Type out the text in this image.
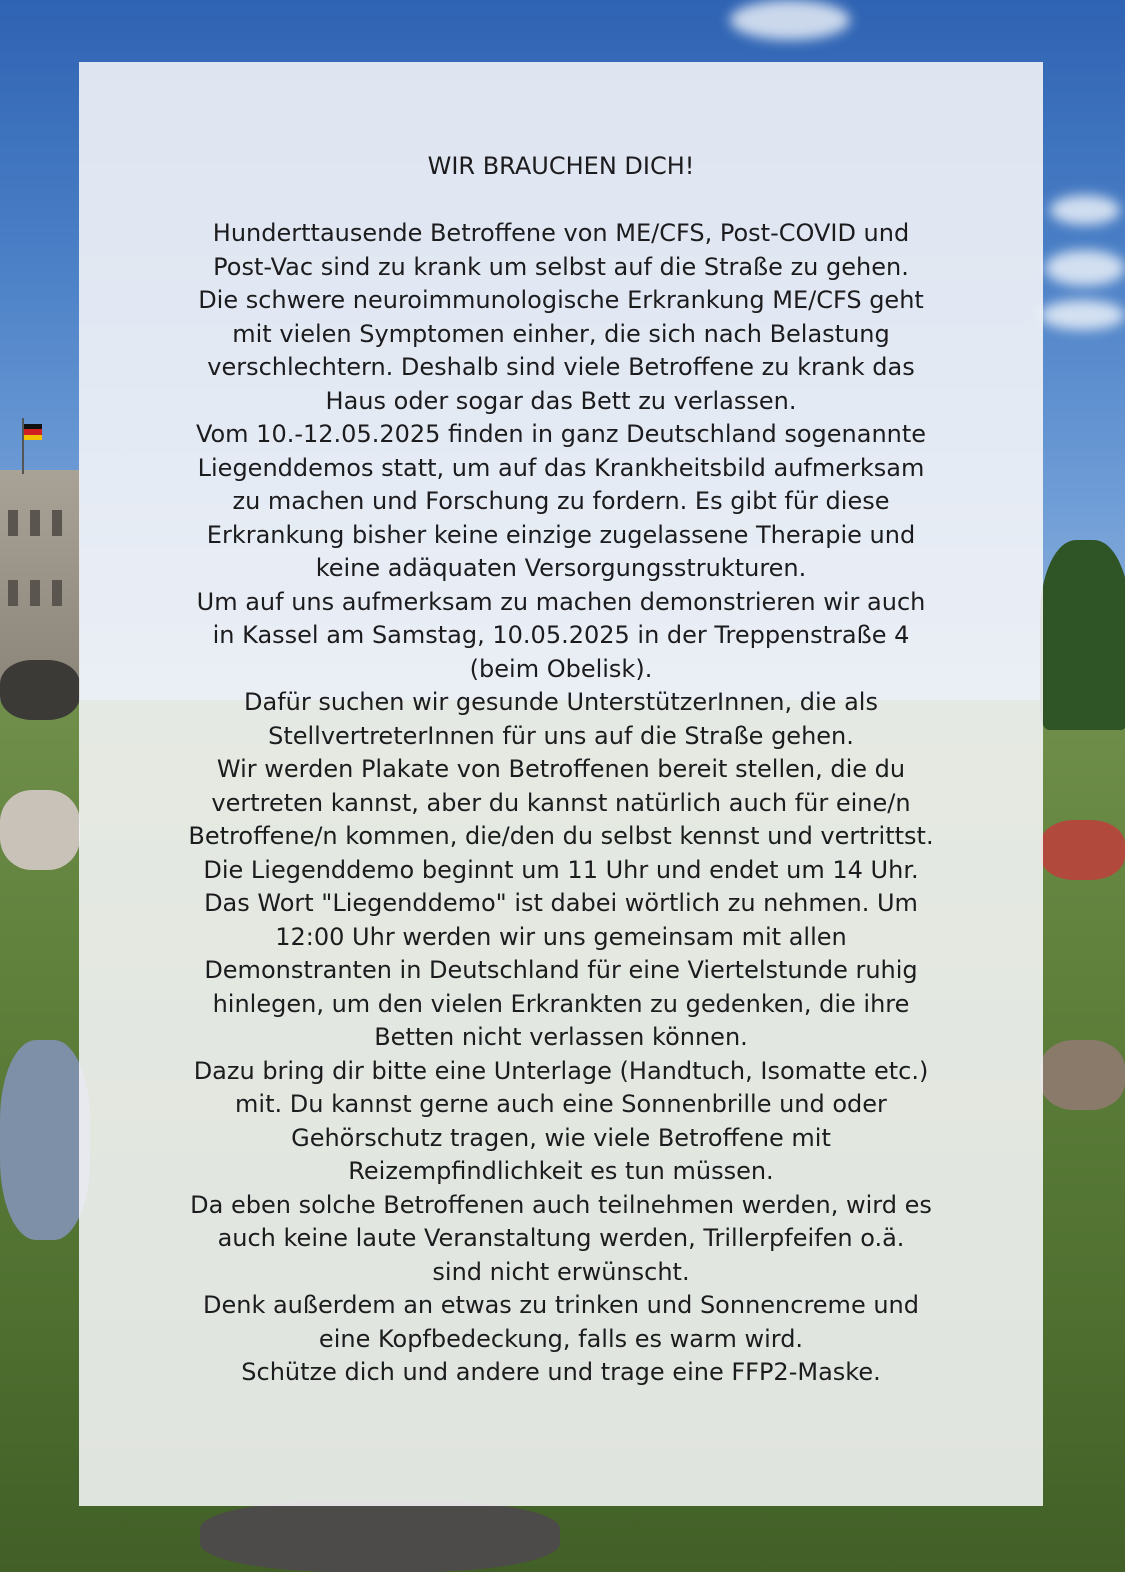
WIR BRAUCHEN DICH!
Hunderttausende Betroffene von ME/CFS, Post-COVID und
Post-Vac sind zu krank um selbst auf die Straße zu gehen.
Die schwere neuroimmunologische Erkrankung ME/CFS geht
mit vielen Symptomen einher, die sich nach Belastung
verschlechtern. Deshalb sind viele Betroffene zu krank das
Haus oder sogar das Bett zu verlassen.
Vom 10.-12.05.2025 finden in ganz Deutschland sogenannte
Liegenddemos statt, um auf das Krankheitsbild aufmerksam
zu machen und Forschung zu fordern. Es gibt für diese
Erkrankung bisher keine einzige zugelassene Therapie und
keine adäquaten Versorgungsstrukturen.
Um auf uns aufmerksam zu machen demonstrieren wir auch
in Kassel am Samstag, 10.05.2025 in der Treppenstraße 4
(beim Obelisk).
Dafür suchen wir gesunde UnterstützerInnen, die als
StellvertreterInnen für uns auf die Straße gehen.
Wir werden Plakate von Betroffenen bereit stellen, die du
vertreten kannst, aber du kannst natürlich auch für eine/n
Betroffene/n kommen, die/den du selbst kennst und vertrittst.
Die Liegenddemo beginnt um 11 Uhr und endet um 14 Uhr.
Das Wort "Liegenddemo" ist dabei wörtlich zu nehmen. Um
12:00 Uhr werden wir uns gemeinsam mit allen
Demonstranten in Deutschland für eine Viertelstunde ruhig
hinlegen, um den vielen Erkrankten zu gedenken, die ihre
Betten nicht verlassen können.
Dazu bring dir bitte eine Unterlage (Handtuch, Isomatte etc.)
mit. Du kannst gerne auch eine Sonnenbrille und oder
Gehörschutz tragen, wie viele Betroffene mit
Reizempfindlichkeit es tun müssen.
Da eben solche Betroffenen auch teilnehmen werden, wird es
auch keine laute Veranstaltung werden, Trillerpfeifen o.ä.
sind nicht erwünscht.
Denk außerdem an etwas zu trinken und Sonnencreme und
eine Kopfbedeckung, falls es warm wird.
Schütze dich und andere und trage eine FFP2-Maske.
